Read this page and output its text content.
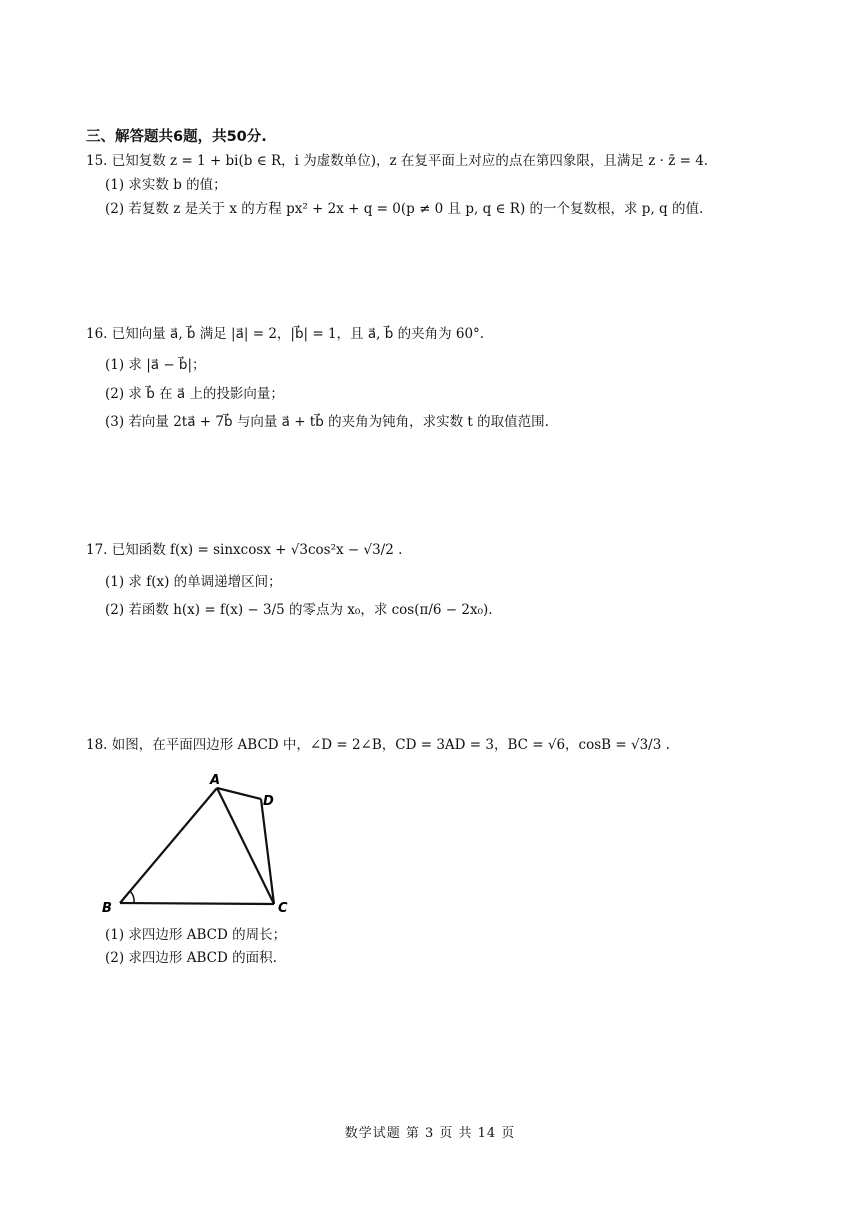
三、解答题共6题，共50分.
15. 已知复数 z = 1 + bi(b ∈ R，i 为虚数单位)，z 在复平面上对应的点在第四象限，且满足 z · z̄ = 4.
(1) 求实数 b 的值；
(2) 若复数 z 是关于 x 的方程 px² + 2x + q = 0(p ≠ 0 且 p, q ∈ R) 的一个复数根，求 p, q 的值.
16. 已知向量 a⃗, b⃗ 满足 |a⃗| = 2，|b⃗| = 1，且 a⃗, b⃗ 的夹角为 60°.
(1) 求 |a⃗ − b⃗|；
(2) 求 b⃗ 在 a⃗ 上的投影向量；
(3) 若向量 2ta⃗ + 7b⃗ 与向量 a⃗ + tb⃗ 的夹角为钝角，求实数 t 的取值范围.
17. 已知函数 f(x) = sinxcosx + √3cos²x − √3/2 .
(1) 求 f(x) 的单调递增区间；
(2) 若函数 h(x) = f(x) − 3/5 的零点为 x₀，求 cos(π/6 − 2x₀).
18. 如图，在平面四边形 ABCD 中，∠D = 2∠B，CD = 3AD = 3，BC = √6，cosB = √3/3 .
A
D
B	C
(1) 求四边形 ABCD 的周长；
(2) 求四边形 ABCD 的面积.
数学试题 第 3 页 共 14 页
